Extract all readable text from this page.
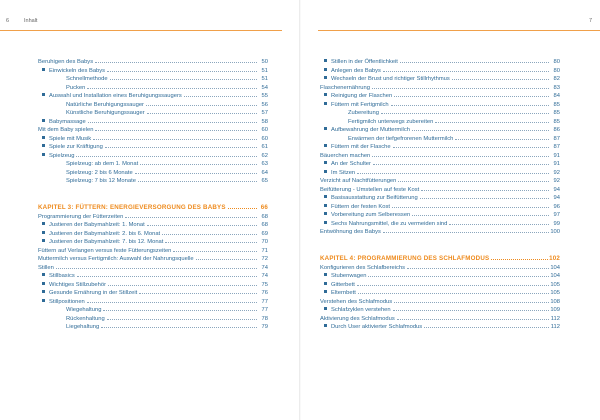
6	Inhalt
Beruhigen des Babys	50
Einwickeln des Babys	51
Schnellmethode	51
Pucken	54
Auswahl und Installation eines Beruhigungssaugers	55
Natürliche Beruhigungssauger	56
Künstliche Beruhigungssauger	57
Babymassage	58
Mit dem Baby spielen	60
Spiele mit Musik	60
Spiele zur Kräftigung	61
Spielzeug	62
Spielzeug: ab dem 1. Monat	63
Spielzeug: 2 bis 6 Monate	64
Spielzeug: 7 bis 12 Monate	65
KAPITEL 3: FÜTTERN: ENERGIEVERSORGUNG DES BABYS	66
Programmierung der Fütterzeiten	68
Justieren der Babymahlzeit: 1. Monat	68
Justieren der Babymahlzeit: 2. bis 6. Monat	69
Justieren der Babymahlzeit: 7. bis 12. Monat	70
Füttern auf Verlangen versus feste Fütterungszeiten	71
Muttermilch versus Fertigmilch: Auswahl der Nahrungsquelle	72
Stillen	74
Stillbasics	74
Wichtiges Stillzubehör	75
Gesunde Ernährung in der Stillzeit	76
Stillpositionen	77
Wiegehaltung	77
Rückenhaltung	78
Liegehaltung	79
7
Stillen in der Öffentlichkeit	80
Anlegen des Babys	80
Wechseln der Brust und richtiger Stillrhythmus	82
Flaschenernährung	83
Reinigung der Flaschen	84
Füttern mit Fertigmilch	85
Zubereitung	85
Fertigmilch unterwegs zubereiten	85
Aufbewahrung der Muttermilch	86
Erwärmen der tiefgefrorenen Muttermilch	87
Füttern mit der Flasche	87
Bäuerchen machen	91
An der Schulter	91
Im Sitzen	92
Verzicht auf Nachtfütterungen	92
Beifütterung - Umstellen auf feste Kost	94
Basisausstattung zur Beifütterung	94
Füttern der festen Kost	96
Vorbereitung zum Selberessen	97
Sechs Nahrungsmittel, die zu vermeiden sind	99
Entwöhnung des Babys	100
KAPITEL 4: PROGRAMMIERUNG DES SCHLAFMODUS	102
Konfigurieren des Schlafbereichs	104
Stubenwagen	104
Gitterbett	105
Elternbett	105
Verstehen des Schlafmodus	108
Schlafzyklen verstehen	109
Aktivierung des Schlafmodus	112
Durch User aktivierter Schlafmodus	112
